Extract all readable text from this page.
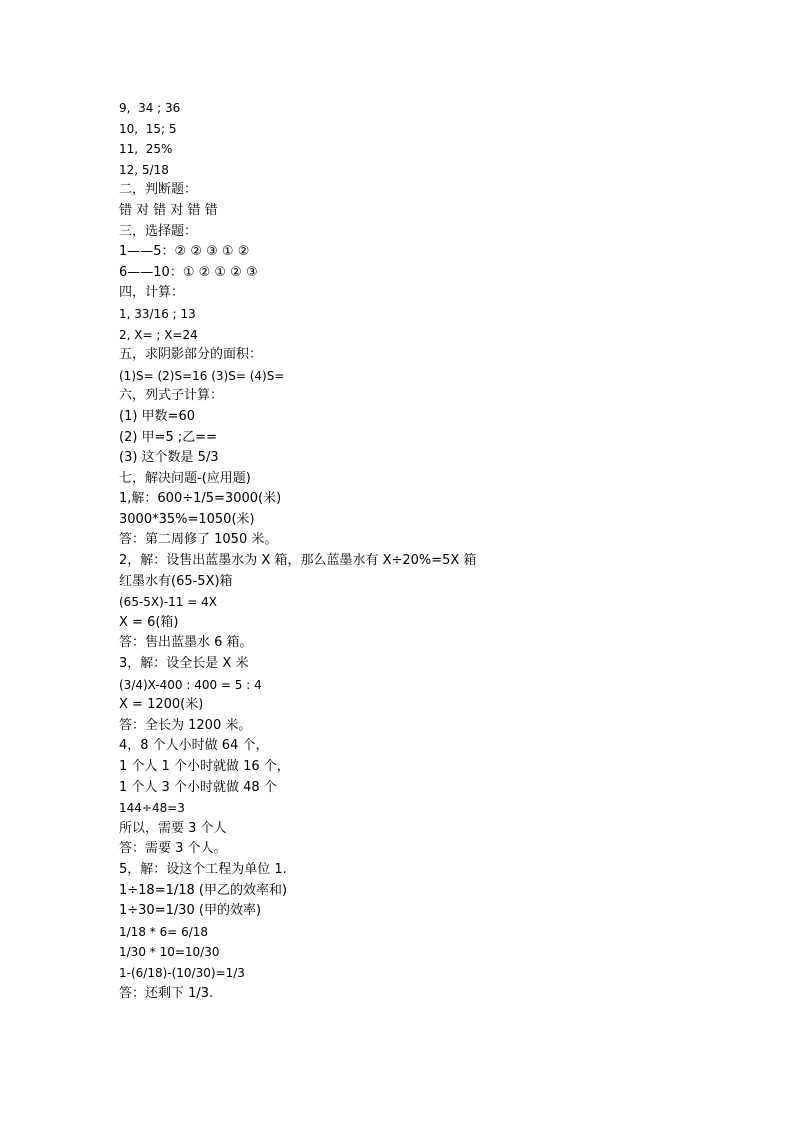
9,  34 ; 36
10,  15; 5
11,  25%
12, 5/18
二，判断题：
错 对 错 对 错 错
三，选择题：
1——5：② ② ③ ① ②
6——10：① ② ① ② ③
四，计算：
1, 33/16 ; 13
2, X= ; X=24
五，求阴影部分的面积：
(1)S= (2)S=16 (3)S= (4)S=
六，列式子计算：
(1) 甲数=60
(2) 甲=5 ;乙==
(3) 这个数是 5/3
七，解决问题-(应用题)
1,解：600÷1/5=3000(米)
3000*35%=1050(米)
答：第二周修了 1050 米。
2，解：设售出蓝墨水为 X 箱，那么蓝墨水有 X÷20%=5X 箱
红墨水有(65-5X)箱
(65-5X)-11 = 4X
X = 6(箱)
答：售出蓝墨水 6 箱。
3，解：设全长是 X 米
(3/4)X-400 : 400 = 5 : 4
X = 1200(米)
答：全长为 1200 米。
4，8 个人小时做 64 个，
1 个人 1 个小时就做 16 个，
1 个人 3 个小时就做 48 个
144÷48=3
所以，需要 3 个人
答：需要 3 个人。
5，解：设这个工程为单位 1.
1÷18=1/18 (甲乙的效率和)
1÷30=1/30 (甲的效率)
1/18 * 6= 6/18
1/30 * 10=10/30
1-(6/18)-(10/30)=1/3
答：还剩下 1/3.
